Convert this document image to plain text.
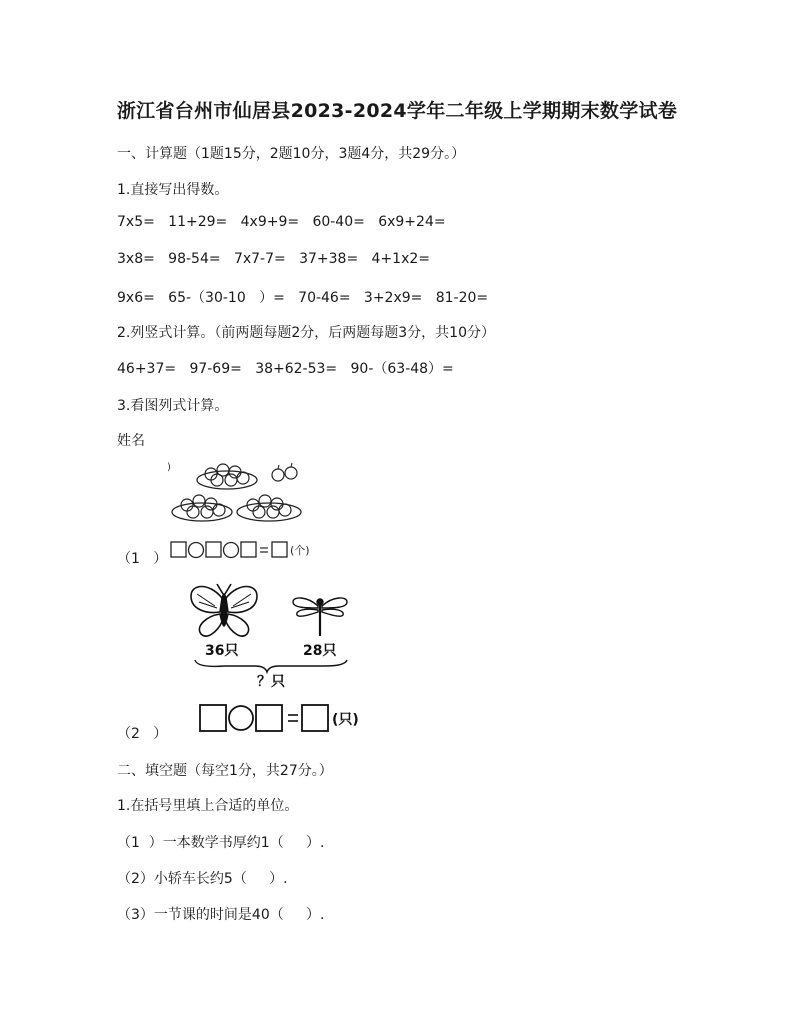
浙江省台州市仙居县2023-2024学年二年级上学期期末数学试卷
一、计算题（1题15分，2题10分，3题4分，共29分。）
1.直接写出得数。
7x5=   11+29=   4x9+9=   60-40=   6x9+24=
3x8=   98-54=   7x7-7=   37+38=   4+1x2=
9x6=   65-（30-10   ）=   70-46=   3+2x9=   81-20=
2.列竖式计算。（前两题每题2分，后两题每题3分，共10分）
46+37=   97-69=   38+62-53=   90-（63-48）=
3.看图列式计算。
姓名
)
（1   ）
(个)
36只	28只
？只
（2   ）
(只)
二、填空题（每空1分，共27分。）
1.在括号里填上合适的单位。
（1  ）一本数学书厚约1（     ）.
（2）小轿车长约5（     ）.
（3）一节课的时间是40（     ）.
